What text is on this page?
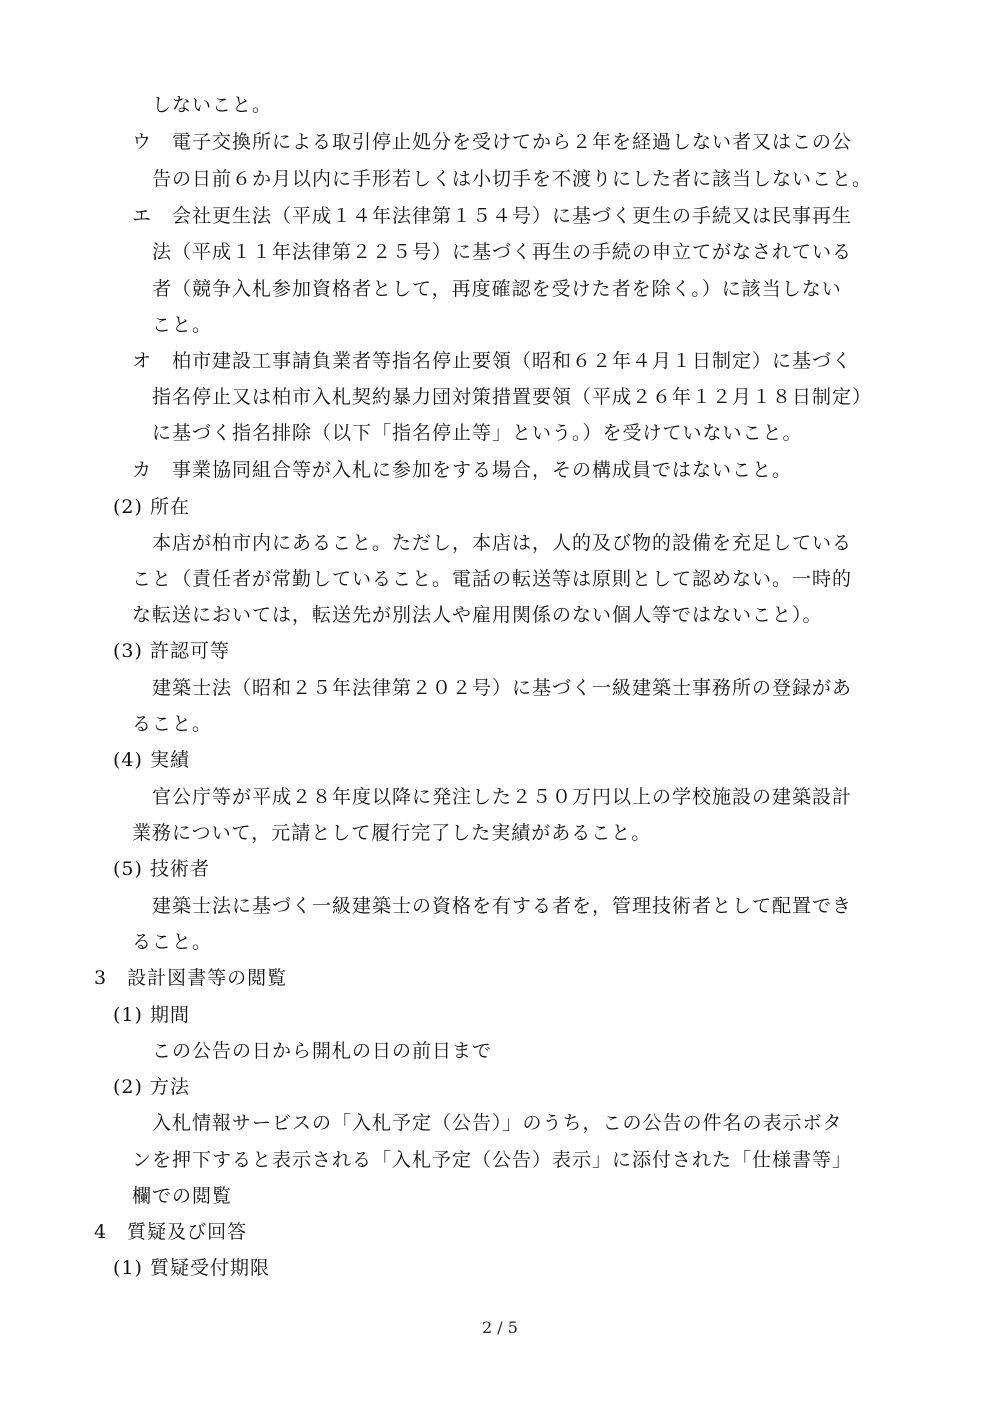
しないこと。
ウ　電子交換所による取引停止処分を受けてから２年を経過しない者又はこの公
告の日前６か月以内に手形若しくは小切手を不渡りにした者に該当しないこと。
エ　会社更生法（平成１４年法律第１５４号）に基づく更生の手続又は民事再生
法（平成１１年法律第２２５号）に基づく再生の手続の申立てがなされている
者（競争入札参加資格者として，再度確認を受けた者を除く。）に該当しない
こと。
オ　柏市建設工事請負業者等指名停止要領（昭和６２年４月１日制定）に基づく
指名停止又は柏市入札契約暴力団対策措置要領（平成２６年１２月１８日制定）
に基づく指名排除（以下「指名停止等」という。）を受けていないこと。
カ　事業協同組合等が入札に参加をする場合，その構成員ではないこと。
(2) 所在
本店が柏市内にあること。ただし，本店は，人的及び物的設備を充足している
こと（責任者が常勤していること。電話の転送等は原則として認めない。一時的
な転送においては，転送先が別法人や雇用関係のない個人等ではないこと）。
(3) 許認可等
建築士法（昭和２５年法律第２０２号）に基づく一級建築士事務所の登録があ
ること。
(4) 実績
官公庁等が平成２８年度以降に発注した２５０万円以上の学校施設の建築設計
業務について，元請として履行完了した実績があること。
(5) 技術者
建築士法に基づく一級建築士の資格を有する者を，管理技術者として配置でき
ること。
3　設計図書等の閲覧
(1) 期間
この公告の日から開札の日の前日まで
(2) 方法
入札情報サービスの「入札予定（公告）」のうち，この公告の件名の表示ボタ
ンを押下すると表示される「入札予定（公告）表示」に添付された「仕様書等」
欄での閲覧
4　質疑及び回答
(1) 質疑受付期限
2 / 5
